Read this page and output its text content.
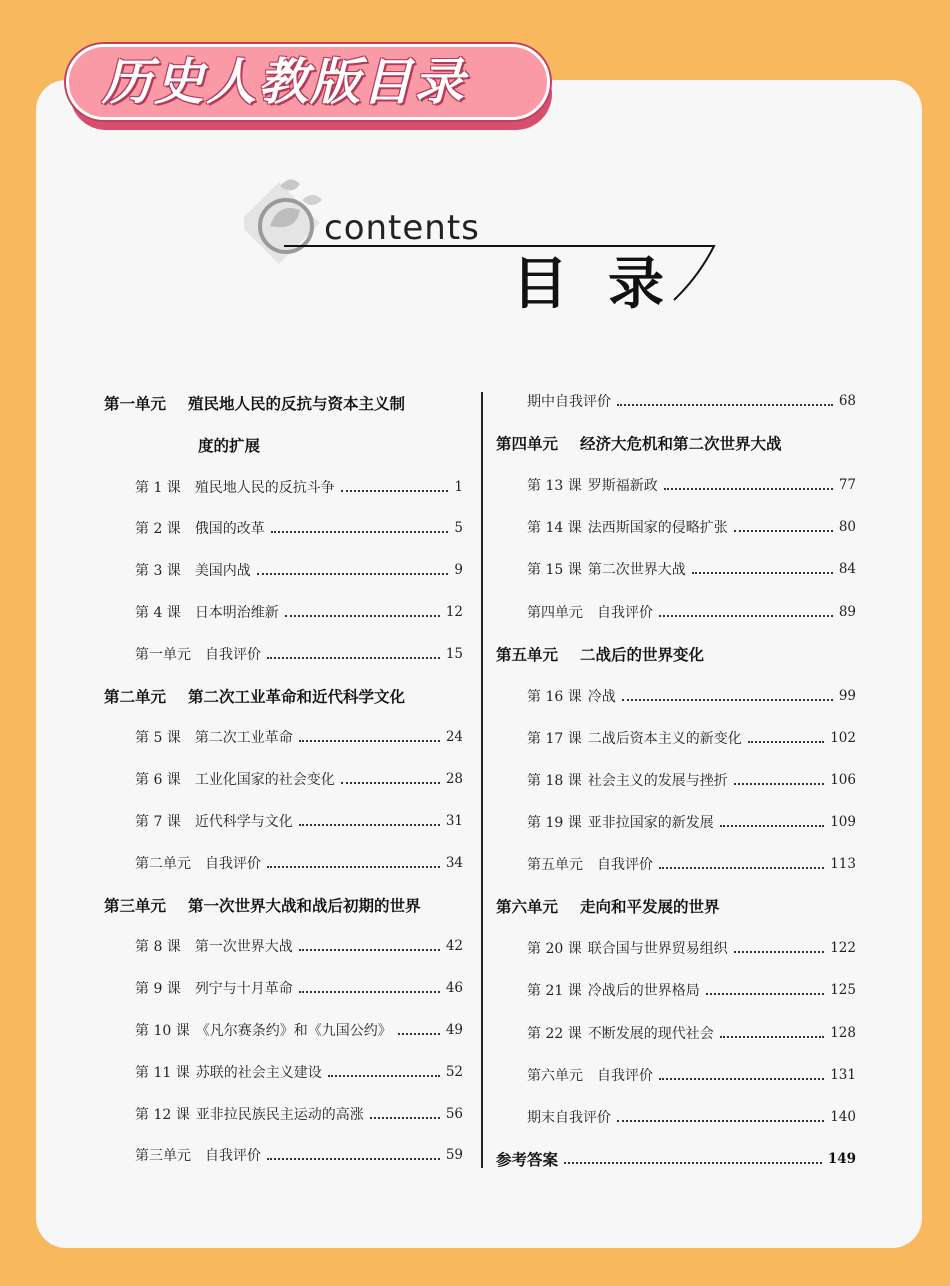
历史人教版目录
contents
目录
第一单元 殖民地人民的反抗与资本主义制
度的扩展
第 1 课 殖民地人民的反抗斗争	1
第 2 课 俄国的改革	5
第 3 课 美国内战	9
第 4 课 日本明治维新	12
第一单元 自我评价	15
第二单元 第二次工业革命和近代科学文化
第 5 课 第二次工业革命	24
第 6 课 工业化国家的社会变化	28
第 7 课 近代科学与文化	31
第二单元 自我评价	34
第三单元 第一次世界大战和战后初期的世界
第 8 课 第一次世界大战	42
第 9 课 列宁与十月革命	46
第 10 课 《凡尔赛条约》和《九国公约》	49
第 11 课 苏联的社会主义建设	52
第 12 课 亚非拉民族民主运动的高涨	56
第三单元 自我评价	59
期中自我评价	68
第四单元 经济大危机和第二次世界大战
第 13 课 罗斯福新政	77
第 14 课 法西斯国家的侵略扩张	80
第 15 课 第二次世界大战	84
第四单元 自我评价	89
第五单元 二战后的世界变化
第 16 课 冷战	99
第 17 课 二战后资本主义的新变化	102
第 18 课 社会主义的发展与挫折	106
第 19 课 亚非拉国家的新发展	109
第五单元 自我评价	113
第六单元 走向和平发展的世界
第 20 课 联合国与世界贸易组织	122
第 21 课 冷战后的世界格局	125
第 22 课 不断发展的现代社会	128
第六单元 自我评价	131
期末自我评价	140
参考答案	149
